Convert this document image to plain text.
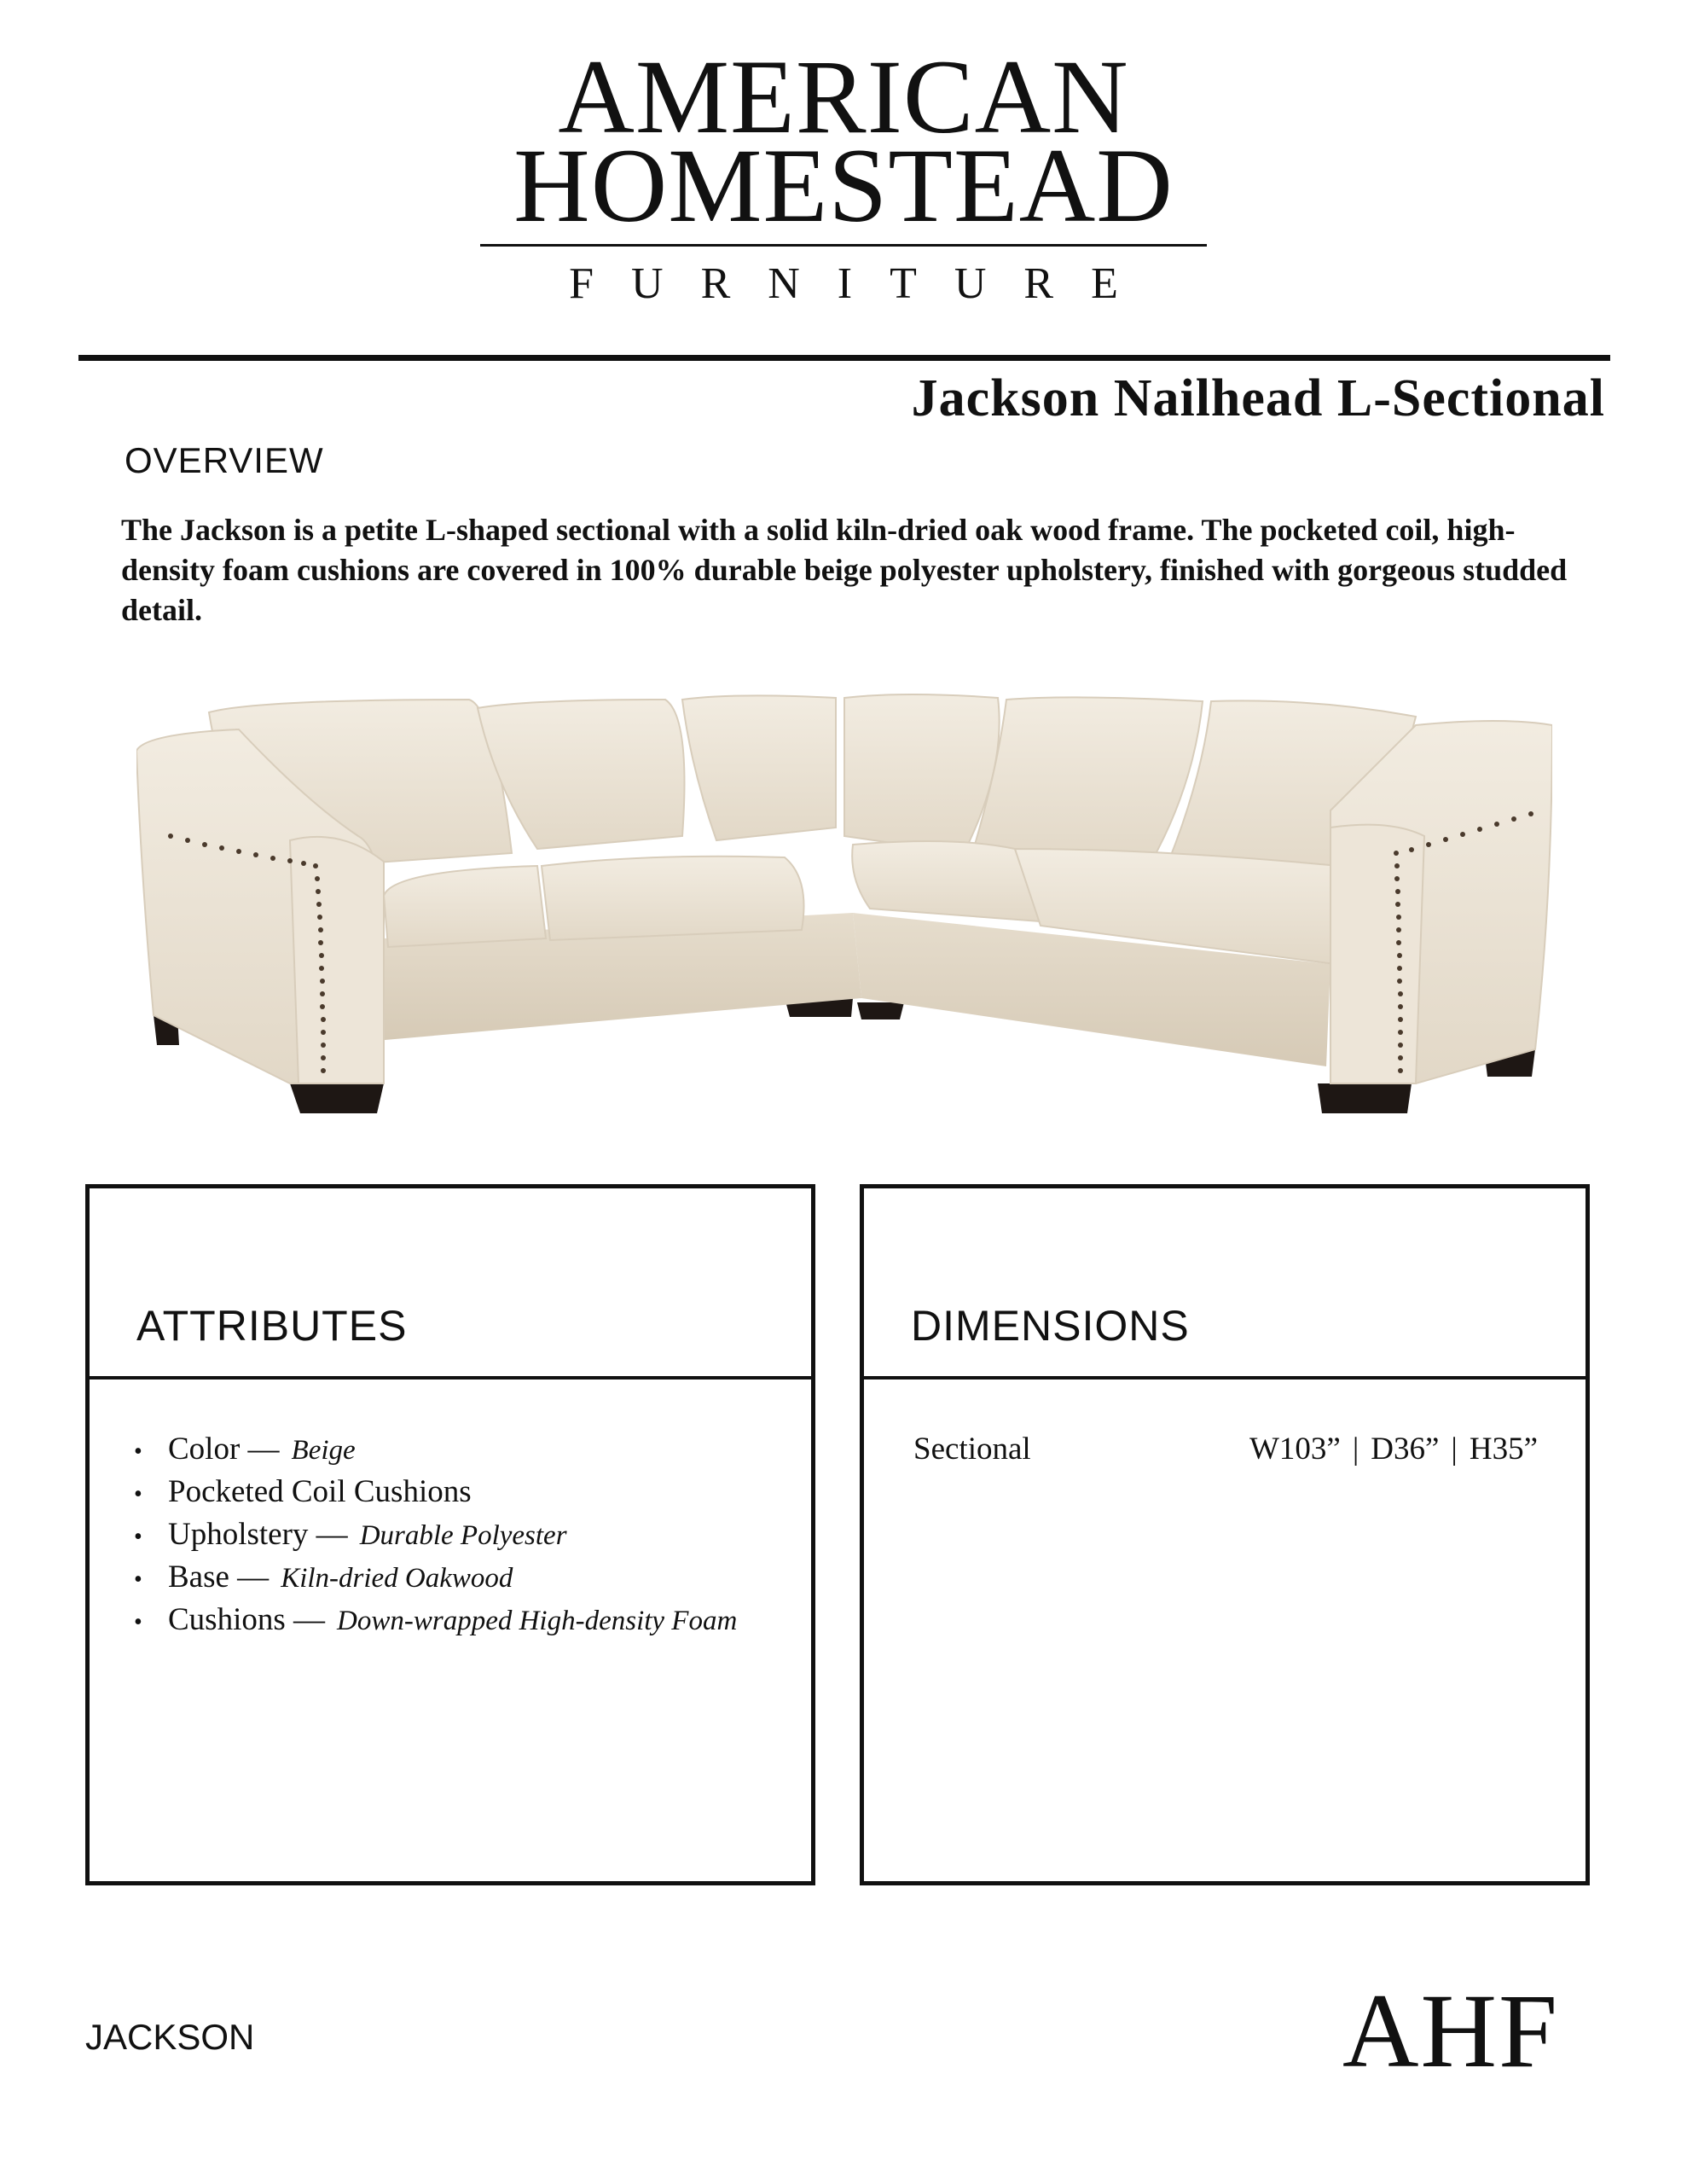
AMERICAN
HOMESTEAD
FURNITURE
Jackson Nailhead L-Sectional
OVERVIEW
The Jackson is a petite L-shaped sectional with a solid kiln-dried oak wood frame. The pocketed coil, high-density foam cushions are covered in 100% durable beige polyester upholstery, finished with gorgeous studded detail.
ATTRIBUTES
• Color — Beige
• Pocketed Coil Cushions
• Upholstery — Durable Polyester
• Base — Kiln-dried Oakwood
• Cushions — Down-wrapped High-density Foam
DIMENSIONS
Sectional	W103” | D36” | H35”
JACKSON	AHF
